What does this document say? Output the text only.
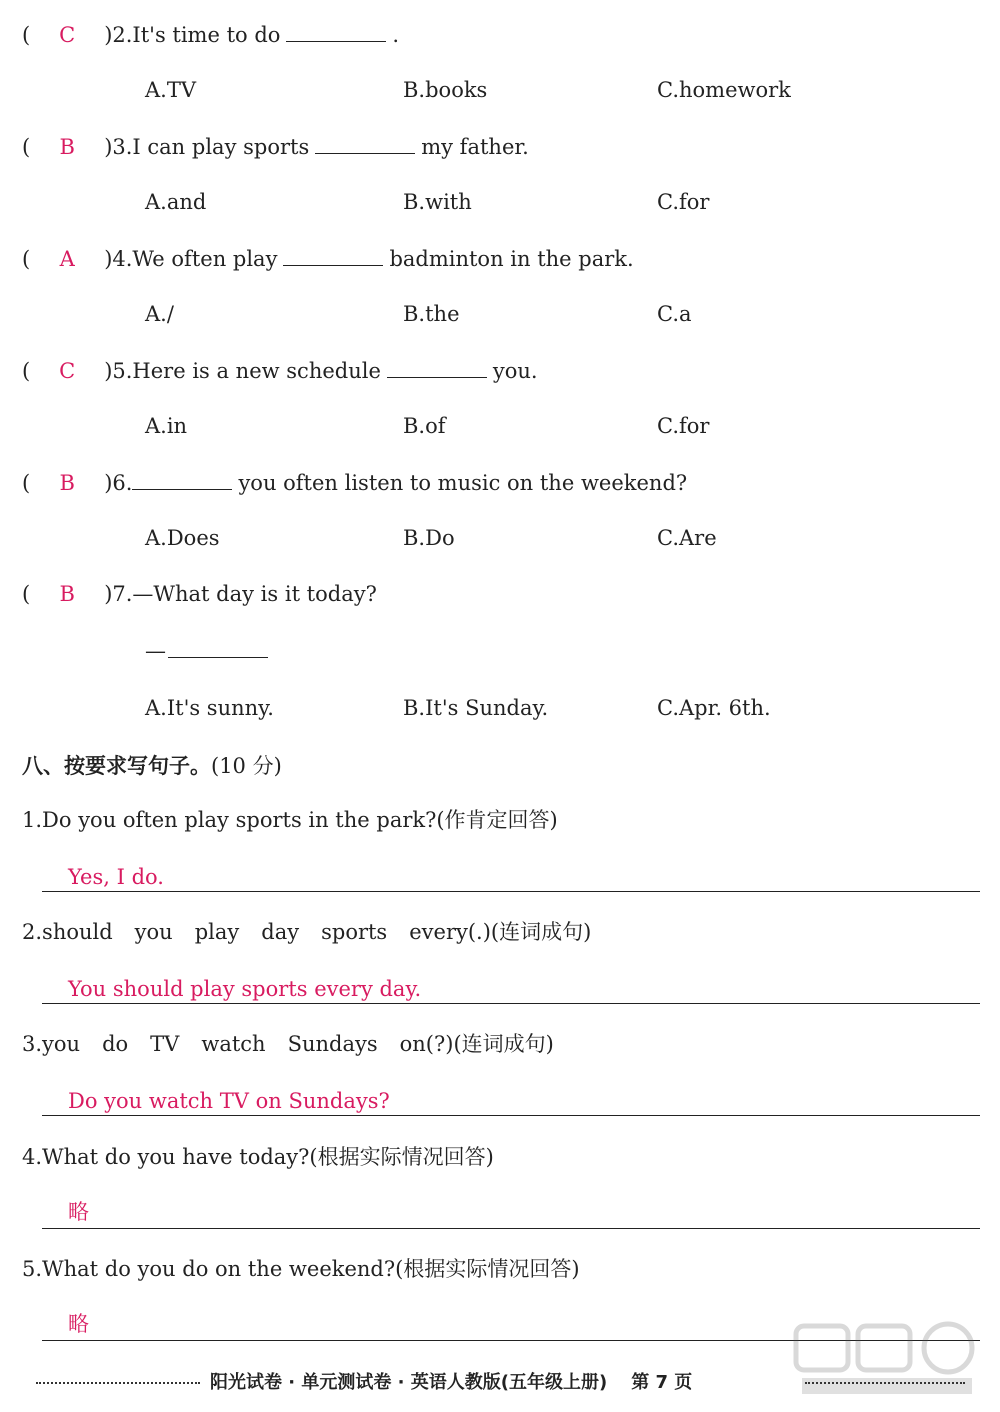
( C )2.It's time to do	.
A.TV	B.books	C.homework
( B )3.I can play sports	my father.
A.and	B.with	C.for
( A )4.We often play	badminton in the park.
A./	B.the	C.a
( C )5.Here is a new schedule	you.
A.in	B.of	C.for
( B )6.	you often listen to music on the weekend?
A.Does	B.Do	C.Are
( B )7.—What day is it today?
—
A.It's sunny.	B.It's Sunday.	C.Apr. 6th.
八、按要求写句子。(10 分)
1.Do you often play sports in the park?(作肯定回答)
Yes, I do.
2.should you play day sports every(.)(连词成句)
You should play sports every day.
3.you do TV watch Sundays on(?)(连词成句)
Do you watch TV on Sundays?
4.What do you have today?(根据实际情况回答)
略
5.What do you do on the weekend?(根据实际情况回答)
略
阳光试卷 · 单元测试卷 · 英语人教版(五年级上册) 第 7 页
